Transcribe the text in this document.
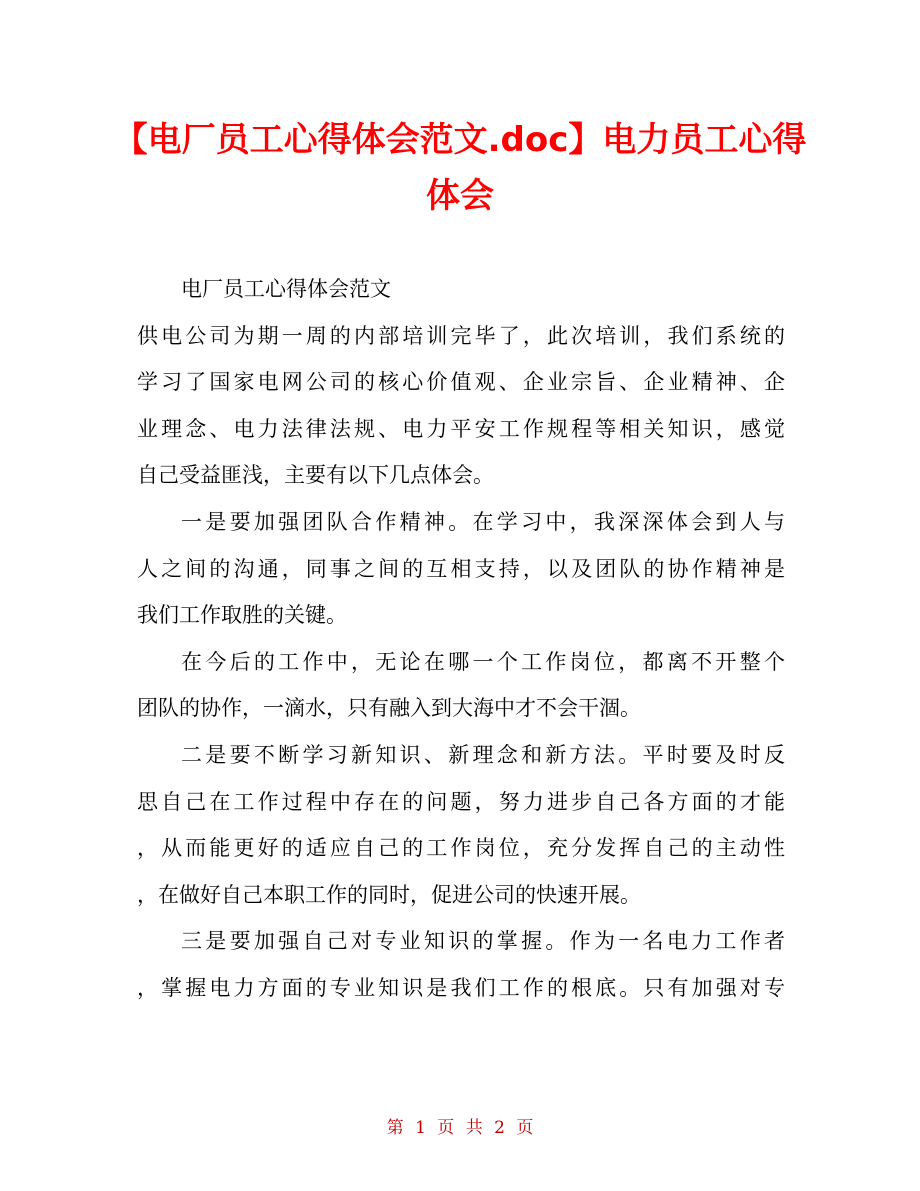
【电厂员工心得体会范文.doc】电力员工心得
体会
电厂员工心得体会范文
供电公司为期一周的内部培训完毕了，此次培训，我们系统的
学习了国家电网公司的核心价值观、企业宗旨、企业精神、企
业理念、电力法律法规、电力平安工作规程等相关知识，感觉
自己受益匪浅，主要有以下几点体会。
一是要加强团队合作精神。在学习中，我深深体会到人与
人之间的沟通，同事之间的互相支持，以及团队的协作精神是
我们工作取胜的关键。
在今后的工作中，无论在哪一个工作岗位，都离不开整个
团队的协作，一滴水，只有融入到大海中才不会干涸。
二是要不断学习新知识、新理念和新方法。平时要及时反
思自己在工作过程中存在的问题，努力进步自己各方面的才能
，从而能更好的适应自己的工作岗位，充分发挥自己的主动性
，在做好自己本职工作的同时，促进公司的快速开展。
三是要加强自己对专业知识的掌握。作为一名电力工作者
，掌握电力方面的专业知识是我们工作的根底。只有加强对专
第 1 页 共 2 页
